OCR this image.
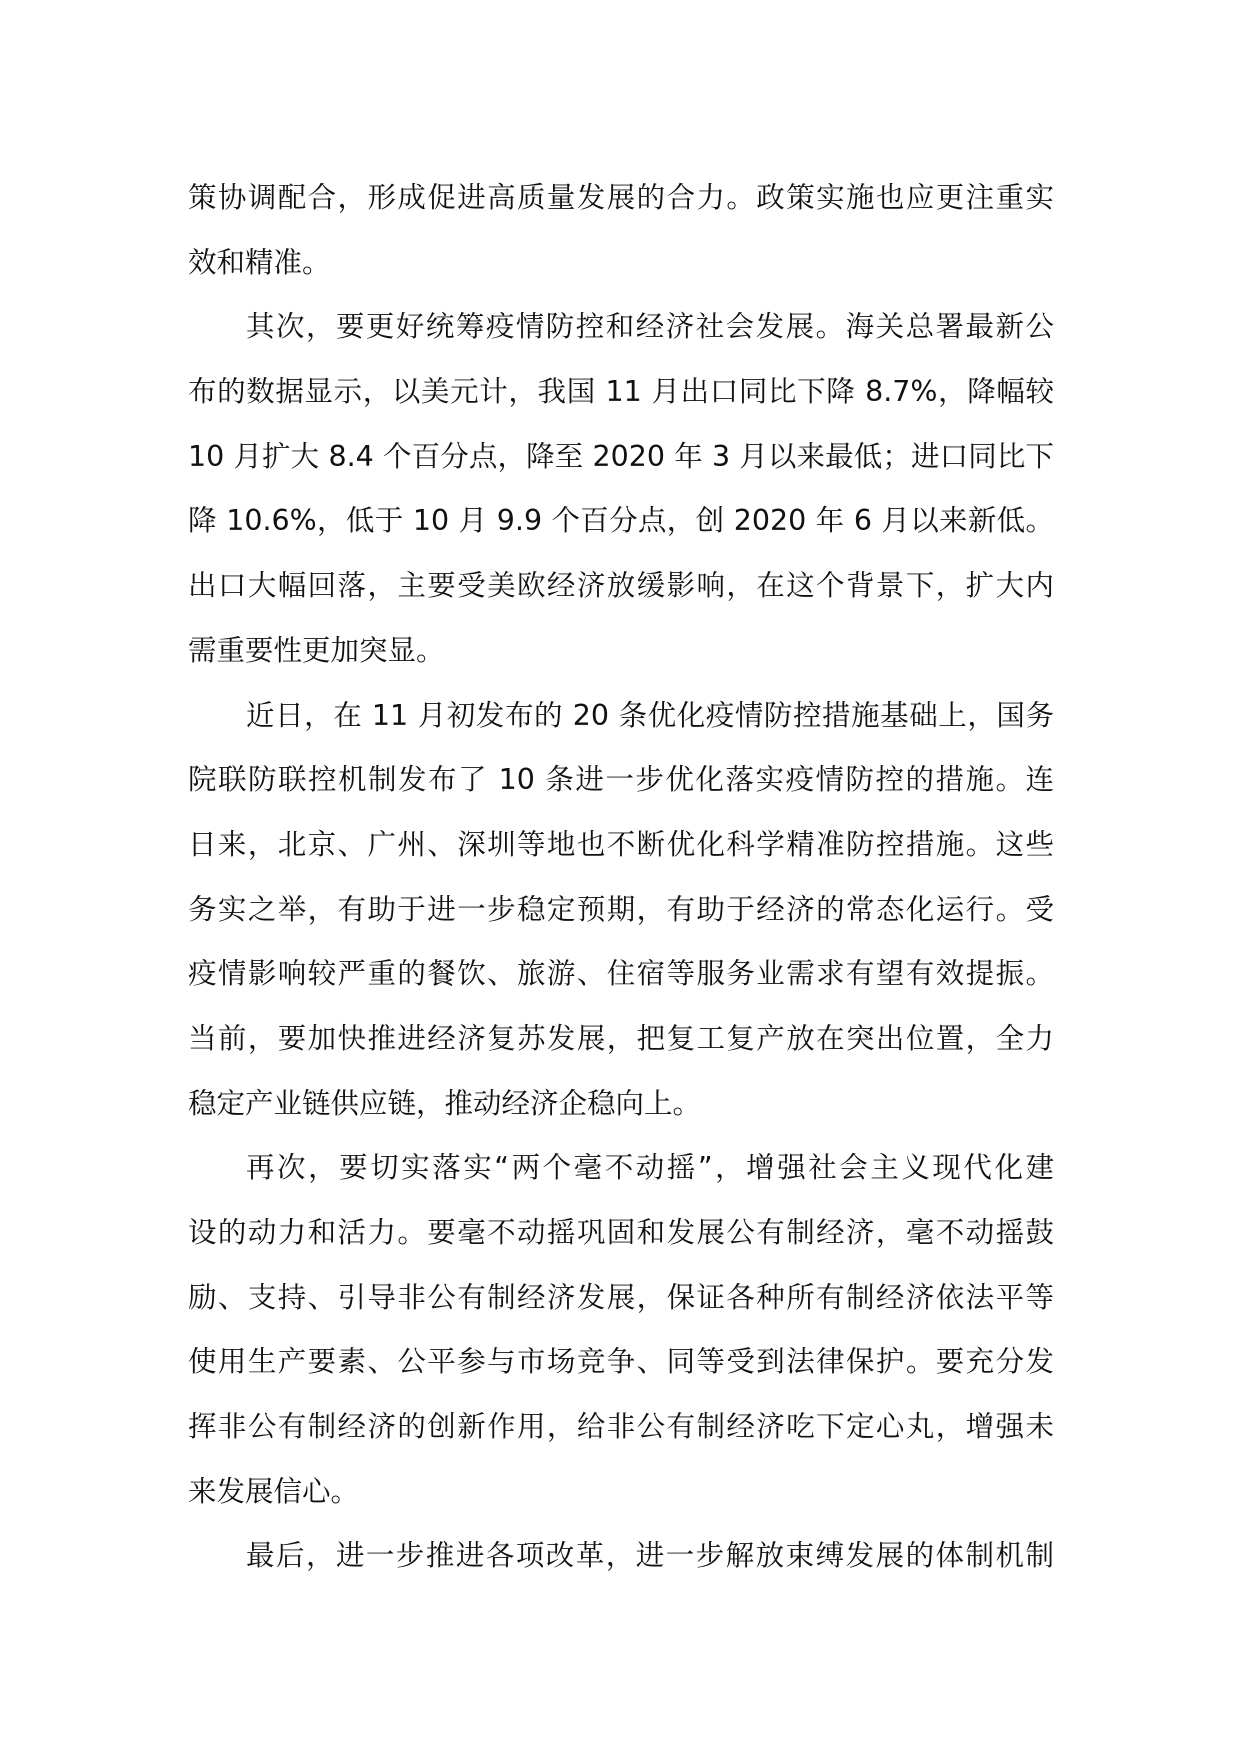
策协调配合，形成促进高质量发展的合力。政策实施也应更注重实
效和精准。
其次，要更好统筹疫情防控和经济社会发展。海关总署最新公
布的数据显示，以美元计，我国 11 月出口同比下降 8.7%，降幅较
10 月扩大 8.4 个百分点，降至 2020 年 3 月以来最低；进口同比下
降 10.6%，低于 10 月 9.9 个百分点，创 2020 年 6 月以来新低。
出口大幅回落，主要受美欧经济放缓影响，在这个背景下，扩大内
需重要性更加突显。
近日，在 11 月初发布的 20 条优化疫情防控措施基础上，国务
院联防联控机制发布了 10 条进一步优化落实疫情防控的措施。连
日来，北京、广州、深圳等地也不断优化科学精准防控措施。这些
务实之举，有助于进一步稳定预期，有助于经济的常态化运行。受
疫情影响较严重的餐饮、旅游、住宿等服务业需求有望有效提振。
当前，要加快推进经济复苏发展，把复工复产放在突出位置，全力
稳定产业链供应链，推动经济企稳向上。
再次，要切实落实“两个毫不动摇”，增强社会主义现代化建
设的动力和活力。要毫不动摇巩固和发展公有制经济，毫不动摇鼓
励、支持、引导非公有制经济发展，保证各种所有制经济依法平等
使用生产要素、公平参与市场竞争、同等受到法律保护。要充分发
挥非公有制经济的创新作用，给非公有制经济吃下定心丸，增强未
来发展信心。
最后，进一步推进各项改革，进一步解放束缚发展的体制机制
